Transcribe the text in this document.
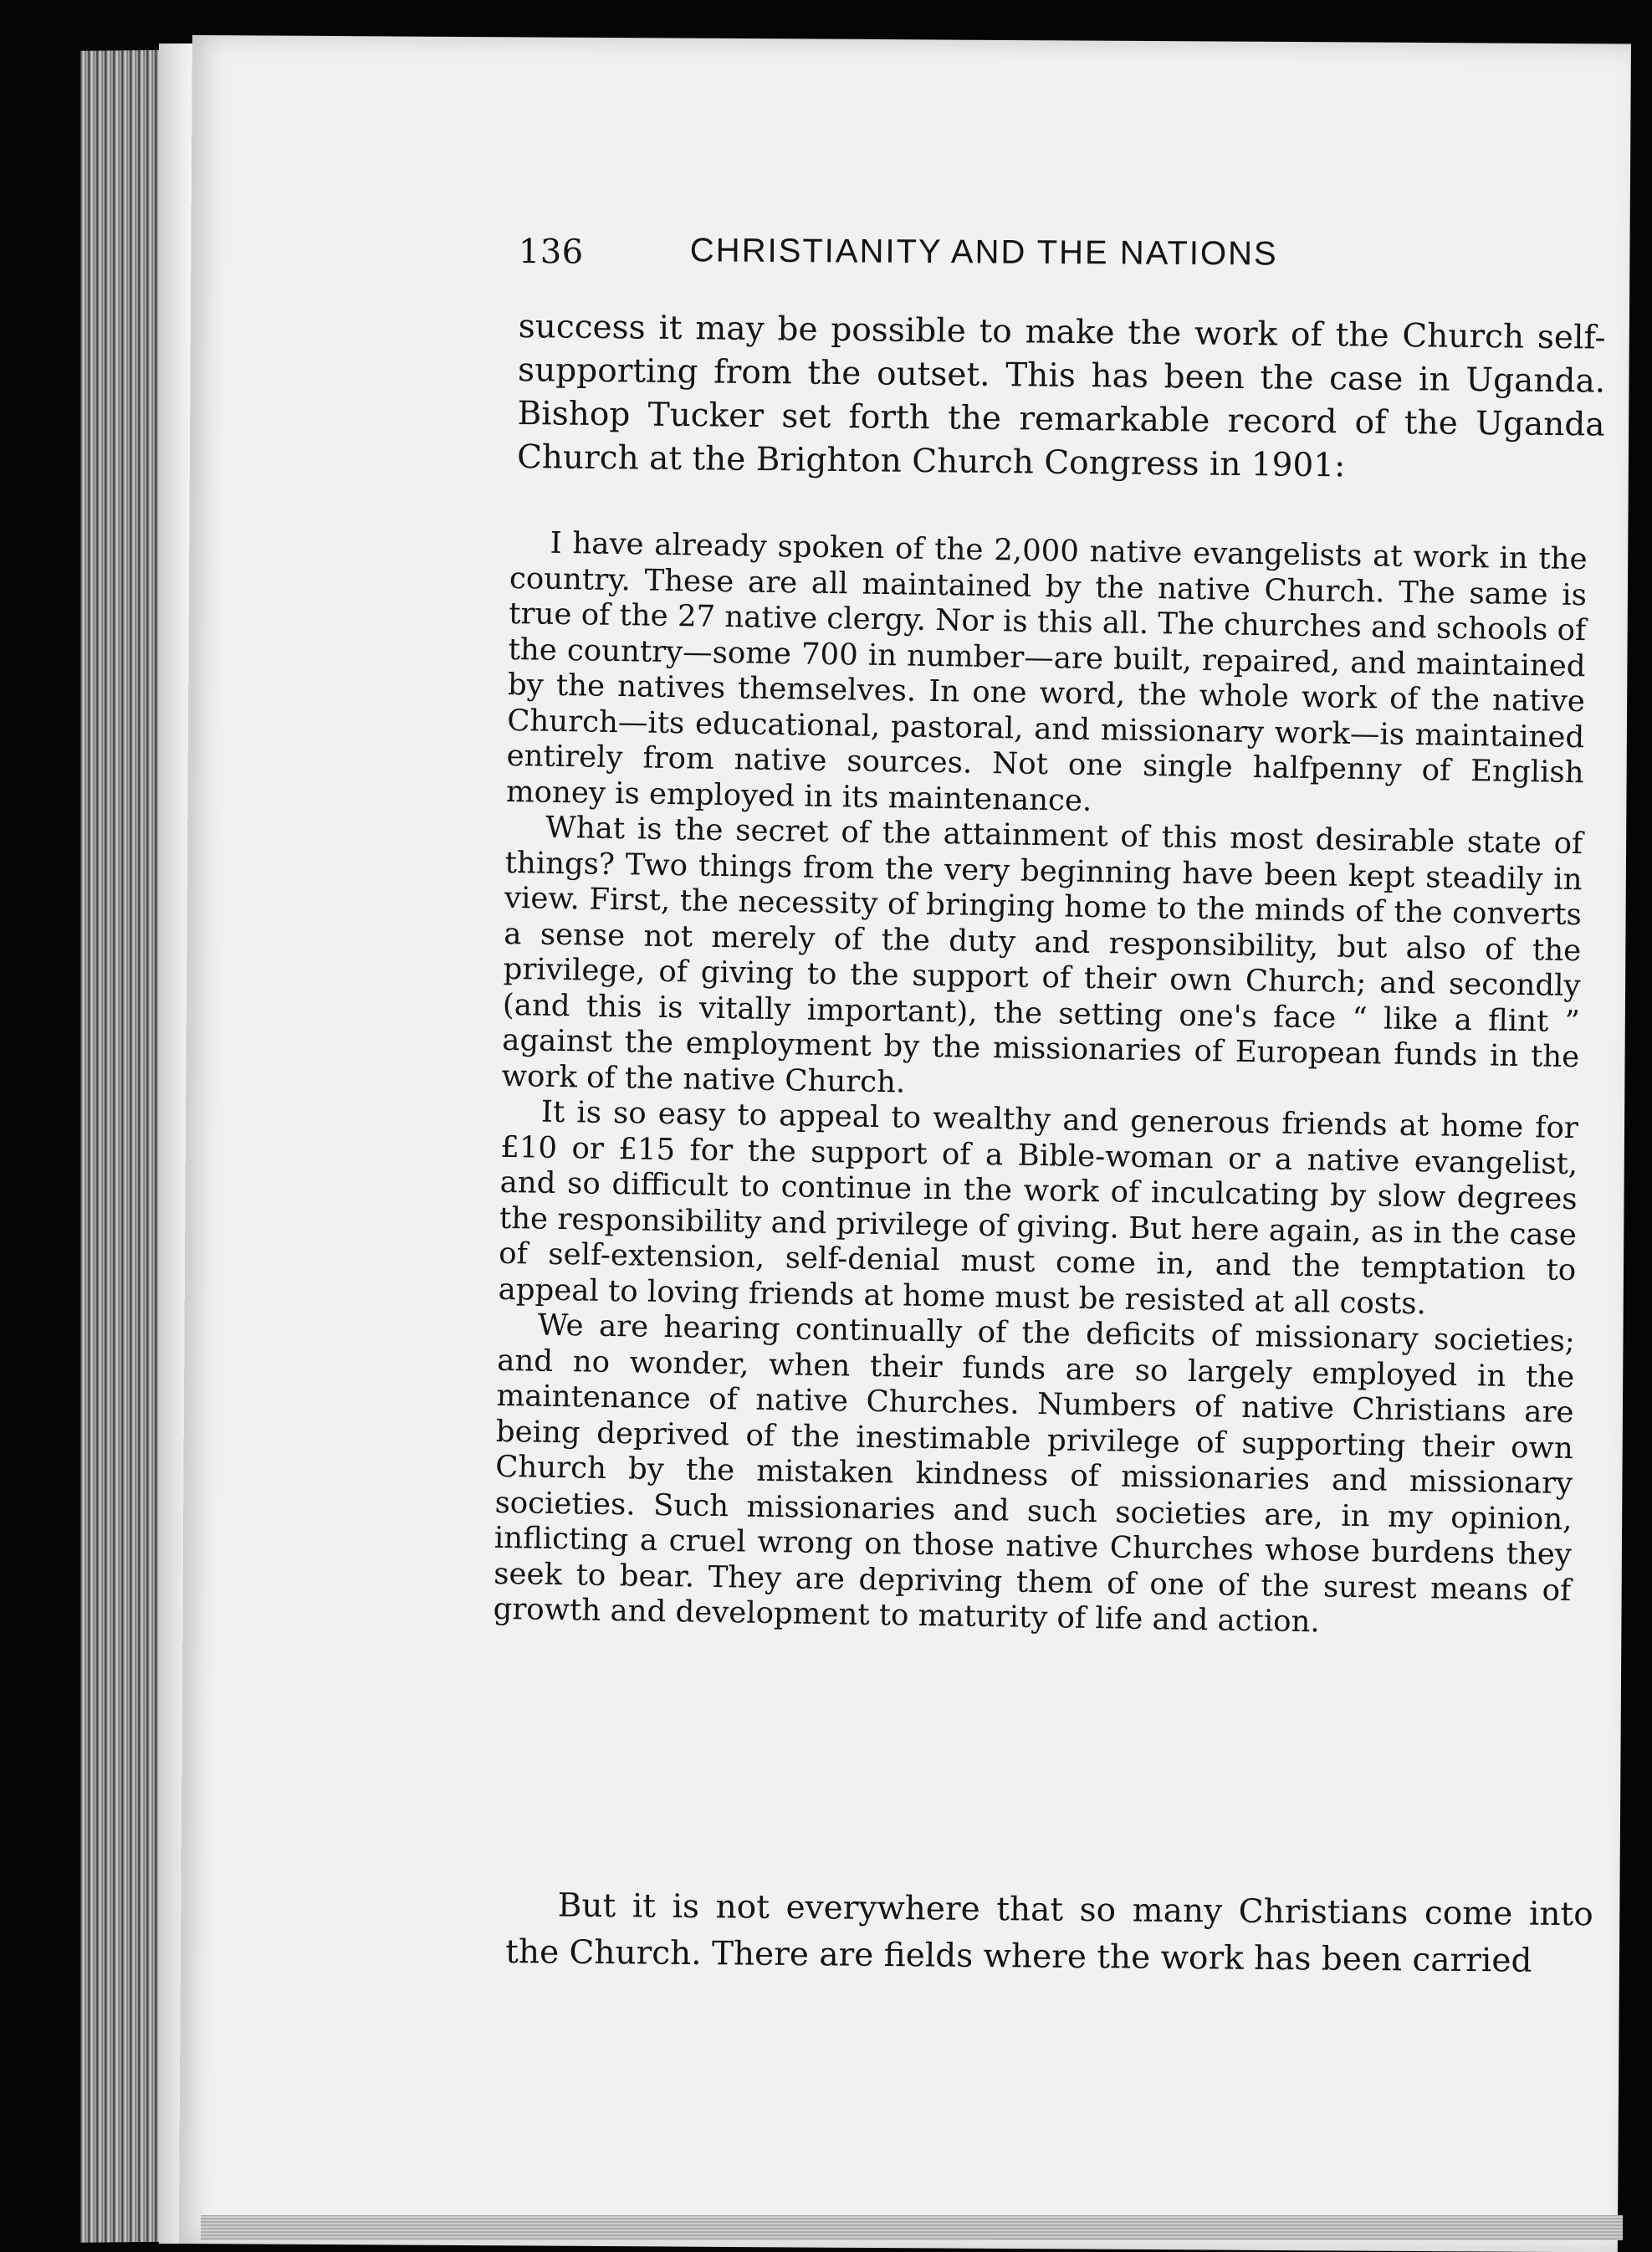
136	CHRISTIANITY AND THE NATIONS

success it may be possible to make the work of the Church self-supporting from the outset. This has been the case in Uganda. Bishop Tucker set forth the remarkable record of the Uganda Church at the Brighton Church Congress in 1901:

I have already spoken of the 2,000 native evangelists at work in the country. These are all maintained by the native Church. The same is true of the 27 native clergy. Nor is this all. The churches and schools of the country—some 700 in number—are built, repaired, and maintained by the natives themselves. In one word, the whole work of the native Church—its educational, pastoral, and missionary work—is maintained entirely from native sources. Not one single halfpenny of English money is employed in its maintenance.

What is the secret of the attainment of this most desirable state of things? Two things from the very beginning have been kept steadily in view. First, the necessity of bringing home to the minds of the converts a sense not merely of the duty and responsibility, but also of the privilege, of giving to the support of their own Church; and secondly (and this is vitally important), the setting one's face “ like a flint ” against the employment by the missionaries of European funds in the work of the native Church.

It is so easy to appeal to wealthy and generous friends at home for £10 or £15 for the support of a Bible-woman or a native evangelist, and so difficult to continue in the work of inculcating by slow degrees the responsibility and privilege of giving. But here again, as in the case of self-extension, self-denial must come in, and the temptation to appeal to loving friends at home must be resisted at all costs.

We are hearing continually of the deficits of missionary societies; and no wonder, when their funds are so largely employed in the maintenance of native Churches. Numbers of native Christians are being deprived of the inestimable privilege of supporting their own Church by the mistaken kindness of missionaries and missionary societies. Such missionaries and such societies are, in my opinion, inflicting a cruel wrong on those native Churches whose burdens they seek to bear. They are depriving them of one of the surest means of growth and development to maturity of life and action.

But it is not everywhere that so many Christians come into the Church. There are fields where the work has been carried
